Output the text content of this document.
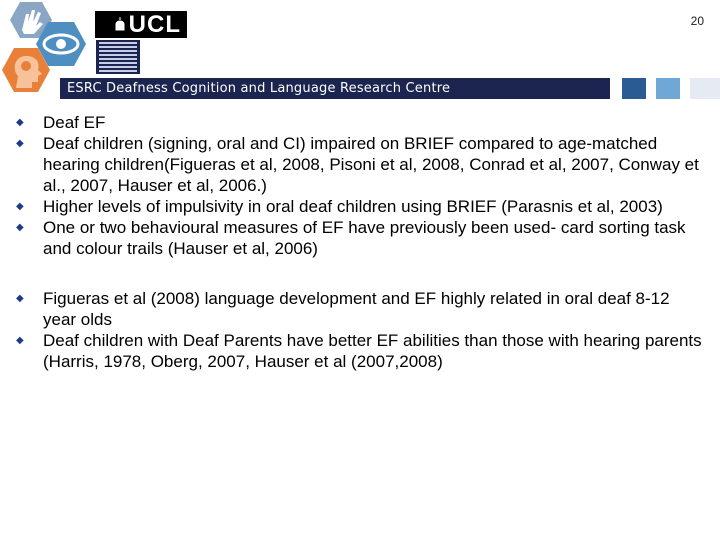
UCL	20
ESRC Deafness Cognition and Language Research Centre
◆	Deaf EF
◆	Deaf children (signing, oral and CI) impaired on BRIEF compared to age-matched hearing children(Figueras et al, 2008, Pisoni et al, 2008, Conrad et al, 2007, Conway et al., 2007, Hauser et al, 2006.)
◆	Higher levels of impulsivity in oral deaf children using BRIEF (Parasnis et al, 2003)
◆	One or two behavioural measures of EF have previously been used- card sorting task and colour trails (Hauser et al, 2006)
◆	Figueras et al (2008) language development and EF highly related in oral deaf 8-12 year olds
◆	Deaf children with Deaf Parents have better EF abilities than those with hearing parents (Harris, 1978, Oberg, 2007, Hauser et al (2007,2008)
